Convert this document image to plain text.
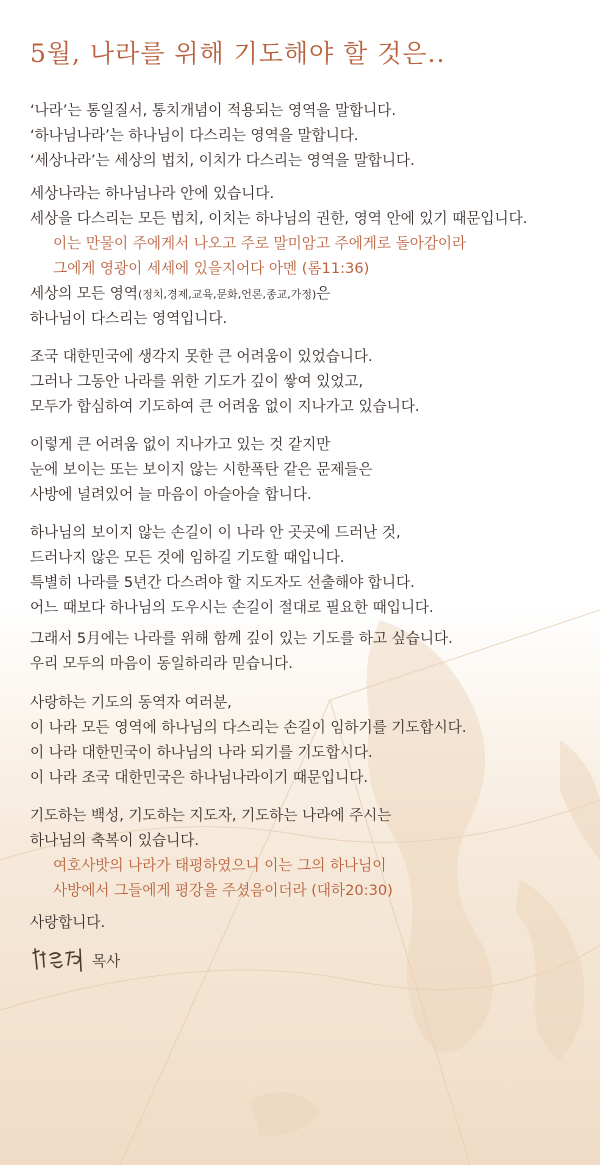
5월, 나라를 위해 기도해야 할 것은..
‘나라’는 통일질서, 통치개념이 적용되는 영역을 말합니다.
‘하나님나라’는 하나님이 다스리는 영역을 말합니다.
‘세상나라’는 세상의 법치, 이치가 다스리는 영역을 말합니다.
세상나라는 하나님나라 안에 있습니다.
세상을 다스리는 모든 법치, 이치는 하나님의 권한, 영역 안에 있기 때문입니다.
이는 만물이 주에게서 나오고 주로 말미암고 주에게로 돌아감이라
그에게 영광이 세세에 있을지어다 아멘 (롬11:36)
세상의 모든 영역(정치,경제,교육,문화,언론,종교,가정)은
하나님이 다스리는 영역입니다.
조국 대한민국에 생각지 못한 큰 어려움이 있었습니다.
그러나 그동안 나라를 위한 기도가 깊이 쌓여 있었고,
모두가 합심하여 기도하여 큰 어려움 없이 지나가고 있습니다.
이렇게 큰 어려움 없이 지나가고 있는 것 같지만
눈에 보이는 또는 보이지 않는 시한폭탄 같은 문제들은
사방에 널려있어 늘 마음이 아슬아슬 합니다.
하나님의 보이지 않는 손길이 이 나라 안 곳곳에 드러난 것,
드러나지 않은 모든 것에 임하길 기도할 때입니다.
특별히 나라를 5년간 다스려야 할 지도자도 선출해야 합니다.
어느 때보다 하나님의 도우시는 손길이 절대로 필요한 때입니다.
그래서 5月에는 나라를 위해 함께 깊이 있는 기도를 하고 싶습니다.
우리 모두의 마음이 동일하리라 믿습니다.
사랑하는 기도의 동역자 여러분,
이 나라 모든 영역에 하나님의 다스리는 손길이 임하기를 기도합시다.
이 나라 대한민국이 하나님의 나라 되기를 기도합시다.
이 나라 조국 대한민국은 하나님나라이기 때문입니다.
기도하는 백성, 기도하는 지도자, 기도하는 나라에 주시는
하나님의 축복이 있습니다.
여호사밧의 나라가 태평하였으니 이는 그의 하나님이
사방에서 그들에게 평강을 주셨음이더라 (대하20:30)
사랑합니다.
목사
